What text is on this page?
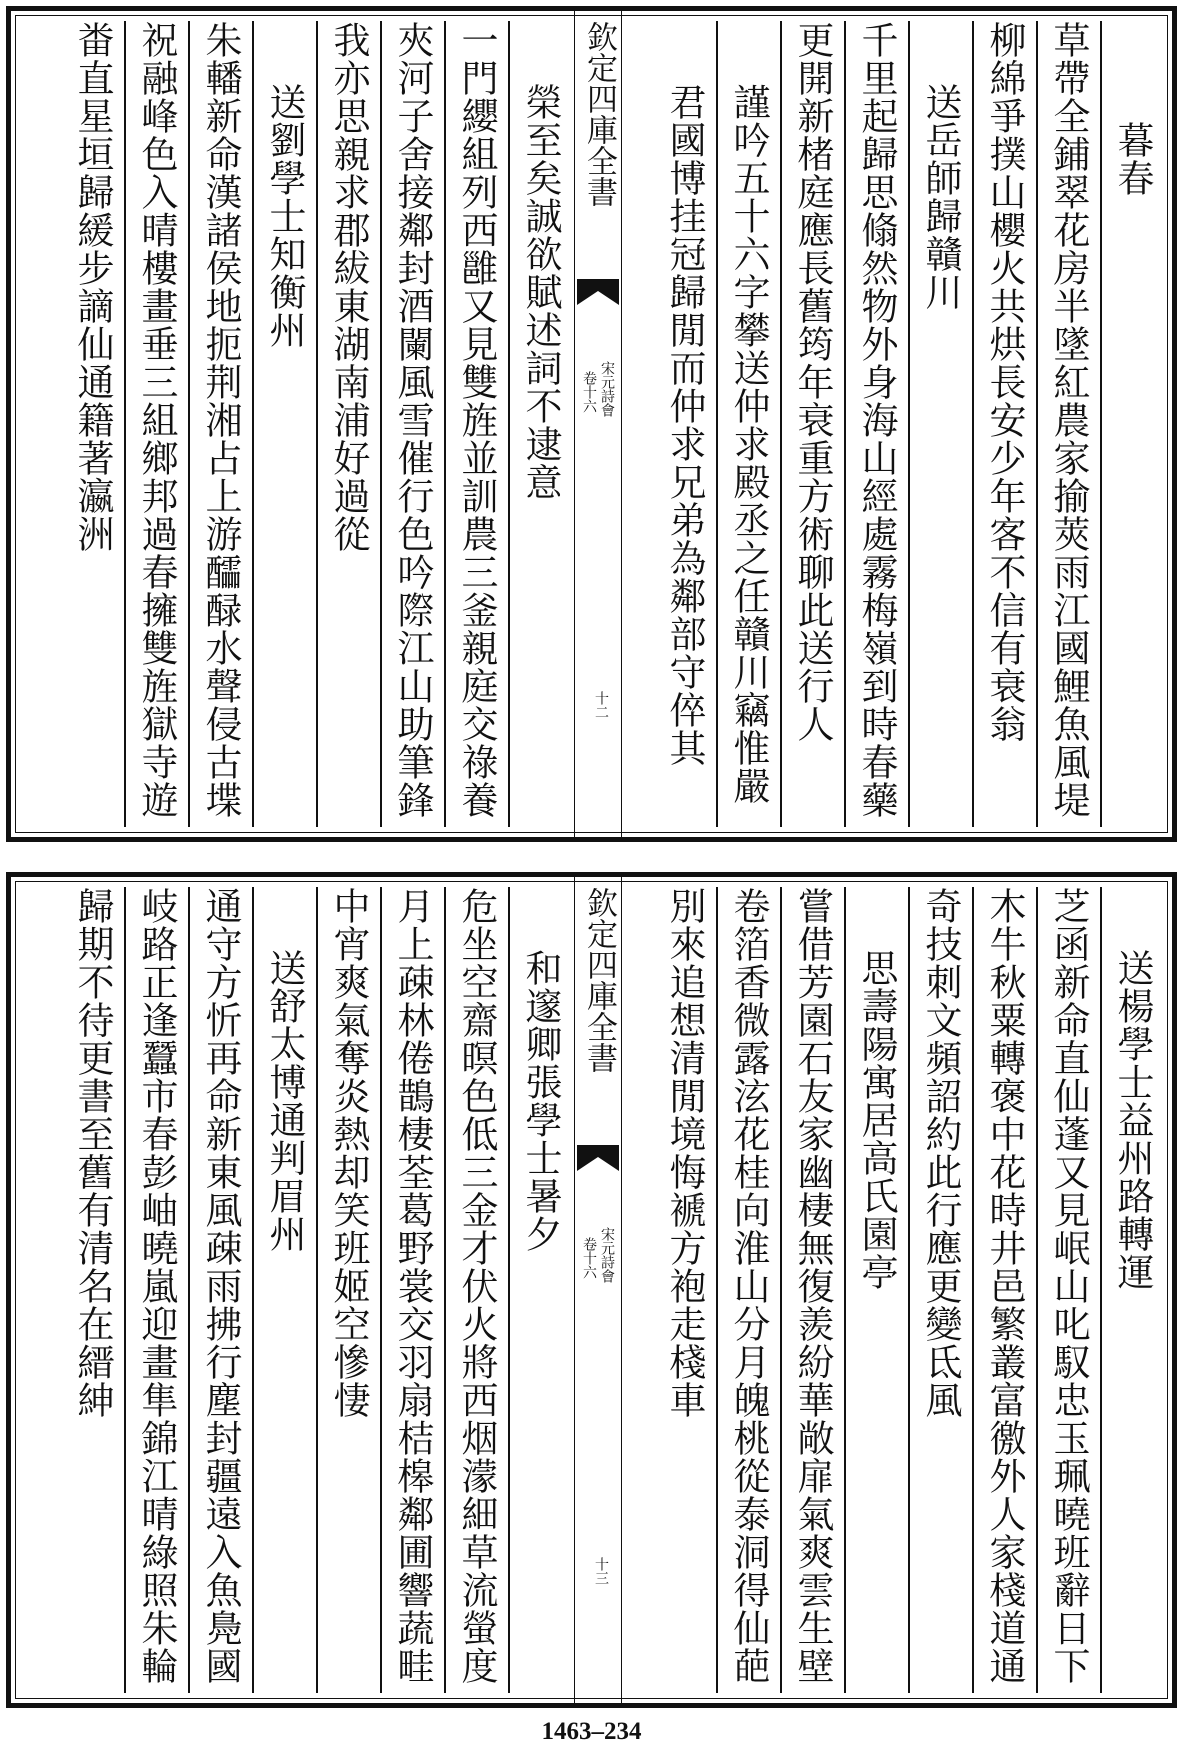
欽定四庫全書
宋元詩會
卷十六
十二
暮春
草帶全鋪翠花房半墜紅農家揄莢雨江國鯉魚風堤
柳綿爭撲山櫻火共烘長安少年客不信有衰翁
送岳師歸贛川
千里起歸思翛然物外身海山經處霧梅嶺到時春藥
更開新楮庭應長舊筠年衰重方術聊此送行人
謹吟五十六字攀送仲求殿丞之任贛川竊惟嚴
君國博挂冠歸閒而仲求兄弟為鄰部守倅其
榮至矣誠欲賦述詞不逮意
一門纓組列西雝又見雙旌並訓農三釜親庭交祿養
夾河子舍接鄰封酒闌風雪催行色吟際江山助筆鋒
我亦思親求郡紱東湖南浦好過從
送劉學士知衡州
朱轓新命漢諸侯地扼荆湘占上游醽醁水聲侵古堞
祝融峰色入晴樓畫垂三組鄉邦過春擁雙旌獄寺遊
畨直星垣歸緩步謫仙通籍著瀛洲
欽定四庫全書
宋元詩會
卷十六
十三
送楊學士益州路轉運
芝函新命直仙蓬又見岷山叱馭忠玉珮曉班辭日下
木牛秋粟轉褒中花時井邑繁叢富徼外人家棧道通
奇技刺文頻詔約此行應更變氐風
思壽陽寓居高氏園亭
嘗借芳園石友家幽棲無復羨紛華敞扉氣爽雲生壁
卷箔香微露泫花桂向淮山分月魄桃從泰洞得仙葩
別來追想清閒境悔褫方袍走棧車
和邃卿張學士暑夕
危坐空齋暝色低三金才伏火將西烟濛細草流螢度
月上疎林倦鵲棲荃葛野裳交羽扇桔槔鄰圃響蔬畦
中宵爽氣奪炎熱却笑班姬空慘悽
送舒太博通判眉州
通守方忻再命新東風疎雨拂行塵封疆遠入魚鳧國
岐路正逢蠶市春彭岫曉嵐迎畫隼錦江晴綠照朱輪
歸期不待更書至舊有清名在縉紳
1463–234
